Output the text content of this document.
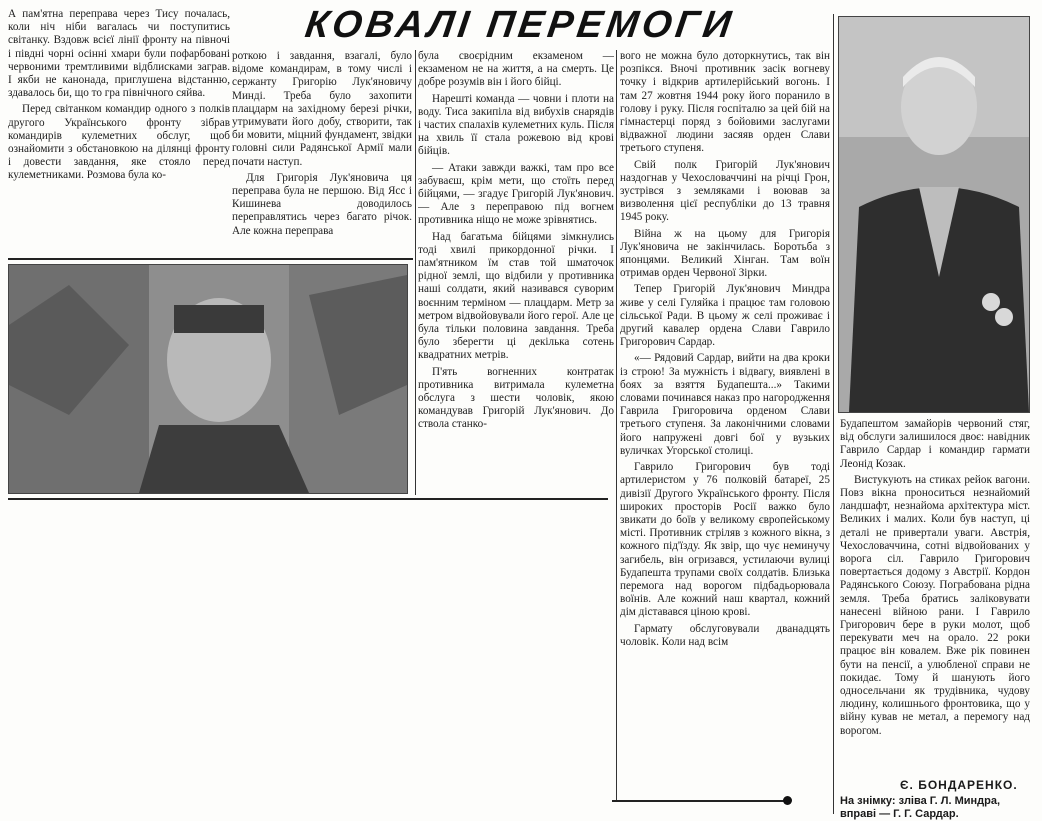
КОВАЛІ ПЕРЕМОГИ

А пам'ятна переправа через Тису почалась, коли ніч ніби вагалась чи поступитись світанку. Вздовж всієї лінії фронту на півночі і півдні чорні осінні хмари були пофарбовані червоними тремтливими відблисками заграв. І якби не канонада, приглушена відстанню, здавалось би, що то гра північного сяйва.

Перед світанком командир одного з полків другого Українського фронту зібрав командирів кулеметних обслуг, щоб ознайомити з обстановкою на ділянці фронту і довести завдання, яке стояло перед кулеметниками. Розмова була ко-

роткою і завдання, взагалі, було відоме командирам, в тому числі і сержанту Григорію Лук'яновичу Минді. Треба було захопити плацдарм на західному березі річки, утримувати його добу, створити, так би мовити, міцний фундамент, звідки головні сили Радянської Армії мали почати наступ.

Для Григорія Лук'яновича ця переправа була не першою. Від Ясс і Кишинева доводилось переправлятись через багато річок. Але кожна переправа

була своєрідним екзаменом — екзаменом не на життя, а на смерть. Це добре розумів він і його бійці.

Нарешті команда — човни і плоти на воду. Тиса закипіла від вибухів снарядів і частих спалахів кулеметних куль. Після на хвиль її стала рожевою від крові бійців.

— Атаки завжди важкі, там про все забуваєш, крім мети, що стоїть перед бійцями, — згадує Григорій Лук'янович. — Але з переправою під вогнем противника ніщо не може зрівнятись.

Над багатьма бійцями зімкнулись тоді хвилі прикордонної річки. І пам'ятником їм став той шматочок рідної землі, що відбили у противника наші солдати, який називався суворим воєнним терміном — плацдарм. Метр за метром відвойовували його герої. Але це була тільки половина завдання. Треба було зберегти ці декілька сотень квадратних метрів.

П'ять вогненних контратак противника витримала кулеметна обслуга з шести чоловік, якою командував Григорій Лук'янович. До ствола станко-

вого не можна було доторкнутись, так він розпікся. Вночі противник засік вогневу точку і відкрив артилерійський вогонь. І там 27 жовтня 1944 року його поранило в голову і руку. Після госпіталю за цей бій на гімнастерці поряд з бойовими заслугами відважної людини засяяв орден Слави третього ступеня.

Свій полк Григорій Лук'янович наздогнав у Чехословаччині на річці Грон, зустрівся з земляками і воював за визволення цієї республіки до 13 травня 1945 року.

Війна ж на цьому для Григорія Лук'яновича не закінчилась. Боротьба з японцями. Великий Хінган. Там воїн отримав орден Червоної Зірки.

Тепер Григорій Лук'янович Миндра живе у селі Гуляйка і працює там головою сільської Ради. В цьому ж селі проживає і другий кавалер ордена Слави Гаврило Григорович Сардар.

«— Рядовий Сардар, вийти на два кроки із строю! За мужність і відвагу, виявлені в боях за взяття Будапешта...» Такими словами починався наказ про нагородження Гаврила Григоровича орденом Слави третього ступеня. За лаконічними словами його напружені довгі бої у вузьких вуличках Угорської столиці.

Гаврило Григорович був тоді артилеристом у 76 полковій батареї, 25 дивізії Другого Українського фронту. Після широких просторів Росії важко було звикати до боїв у великому європейському місті. Противник стріляв з кожного вікна, з кожного під'їзду. Як звір, що чує неминучу загибель, він огризався, устилаючи вулиці Будапешта трупами своїх солдатів. Близька перемога над ворогом підбадьорювала воїнів. Але кожний наш квартал, кожний дім діставався ціною крові.

Гармату обслуговували дванадцять чоловік. Коли над всім

Будапештом замайорів червоний стяг, від обслуги залишилося двоє: навідник Гаврило Сардар і командир гармати Леонід Козак.

Вистукують на стиках рейок вагони. Повз вікна проноситься незнайомий ландшафт, незнайома архітектура міст. Великих і малих. Коли був наступ, ці деталі не привертали уваги. Австрія, Чехословаччина, сотні відвойованих у ворога сіл. Гаврило Григорович повертається додому з Австрії. Кордон Радянського Союзу. Пограбована рідна земля. Треба братись заліковувати нанесені війною рани. І Гаврило Григорович бере в руки молот, щоб перекувати меч на орало. 22 роки працює він ковалем. Вже рік повинен бути на пенсії, а улюбленої справи не покидає. Тому й шанують його односельчани як трудівника, чудову людину, колишнього фронтовика, що у війну кував не метал, а перемогу над ворогом.

Є. БОНДАРЕНКО.
На знімку: зліва Г. Л. Миндра, вправі — Г. Г. Сардар.
